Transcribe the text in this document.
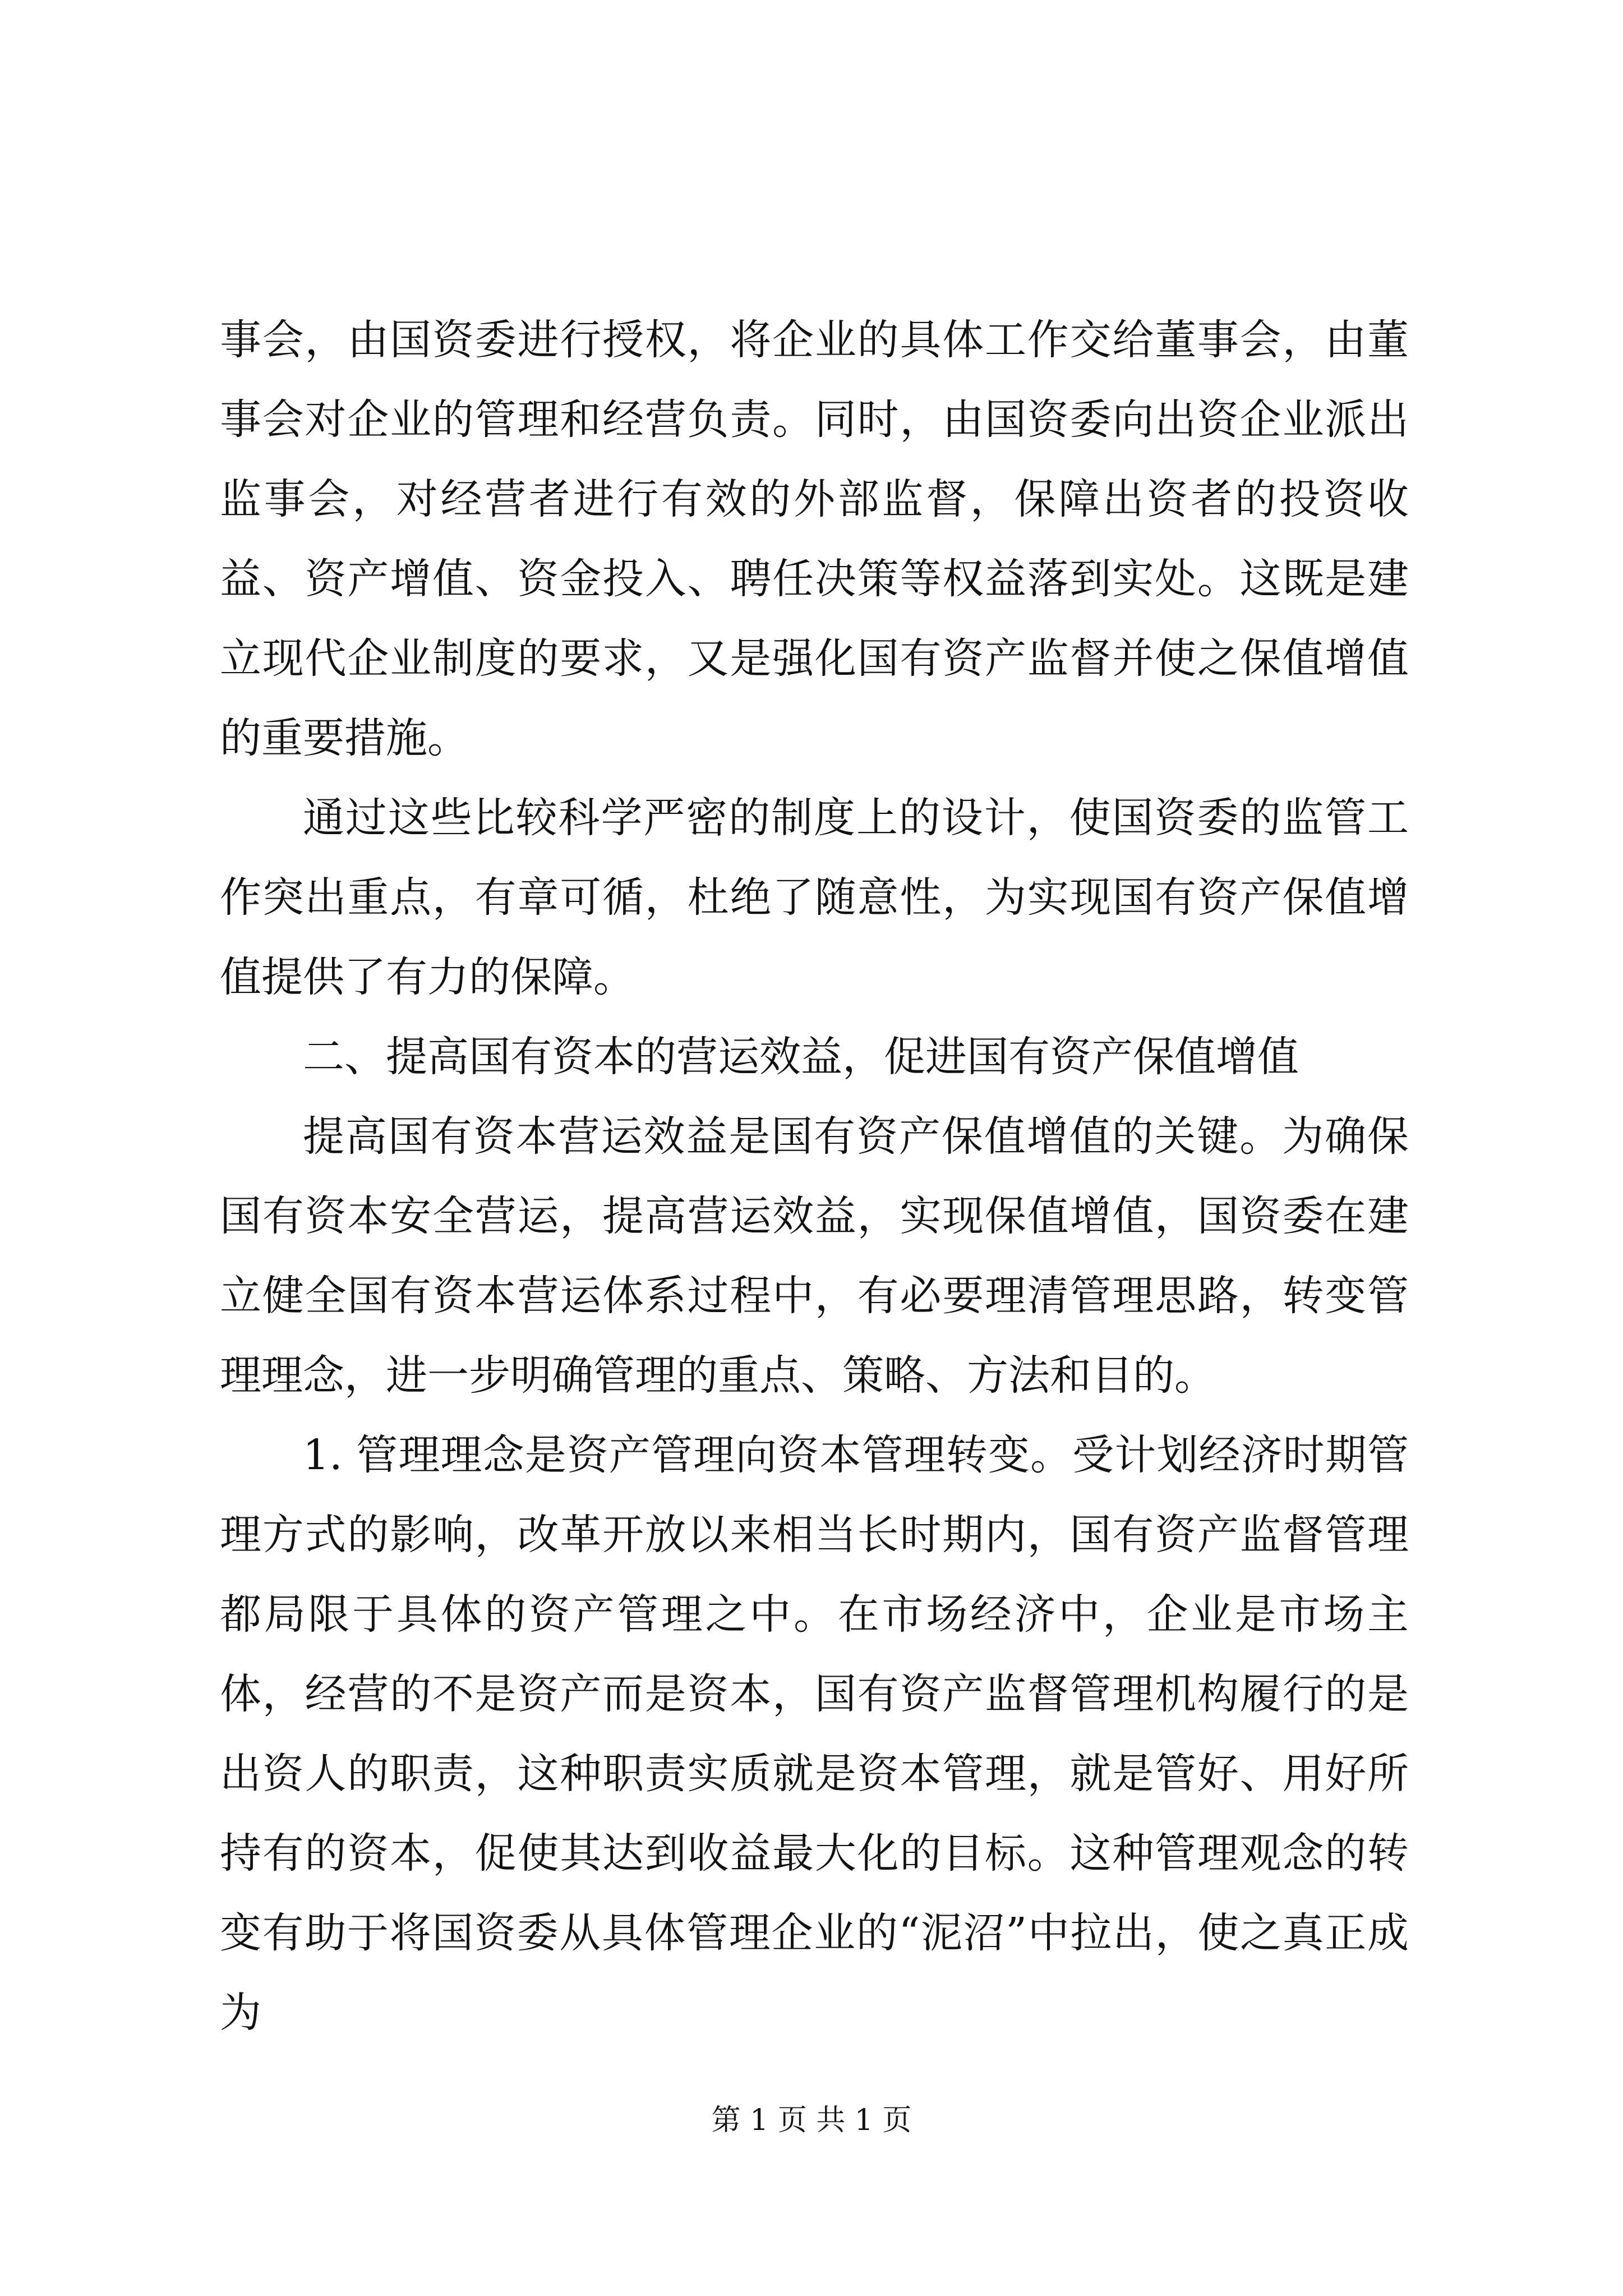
事会，由国资委进行授权，将企业的具体工作交给董事会，由董事会对企业的管理和经营负责。同时，由国资委向出资企业派出监事会，对经营者进行有效的外部监督，保障出资者的投资收益、资产增值、资金投入、聘任决策等权益落到实处。这既是建立现代企业制度的要求，又是强化国有资产监督并使之保值增值的重要措施。

通过这些比较科学严密的制度上的设计，使国资委的监管工作突出重点，有章可循，杜绝了随意性，为实现国有资产保值增值提供了有力的保障。

二、提高国有资本的营运效益，促进国有资产保值增值

提高国有资本营运效益是国有资产保值增值的关键。为确保国有资本安全营运，提高营运效益，实现保值增值，国资委在建立健全国有资本营运体系过程中，有必要理清管理思路，转变管理理念，进一步明确管理的重点、策略、方法和目的。

1. 管理理念是资产管理向资本管理转变。受计划经济时期管理方式的影响，改革开放以来相当长时期内，国有资产监督管理都局限于具体的资产管理之中。在市场经济中，企业是市场主体，经营的不是资产而是资本，国有资产监督管理机构履行的是出资人的职责，这种职责实质就是资本管理，就是管好、用好所持有的资本，促使其达到收益最大化的目标。这种管理观念的转变有助于将国资委从具体管理企业的“泥沼”中拉出，使之真正成为

第 1 页 共 1 页
